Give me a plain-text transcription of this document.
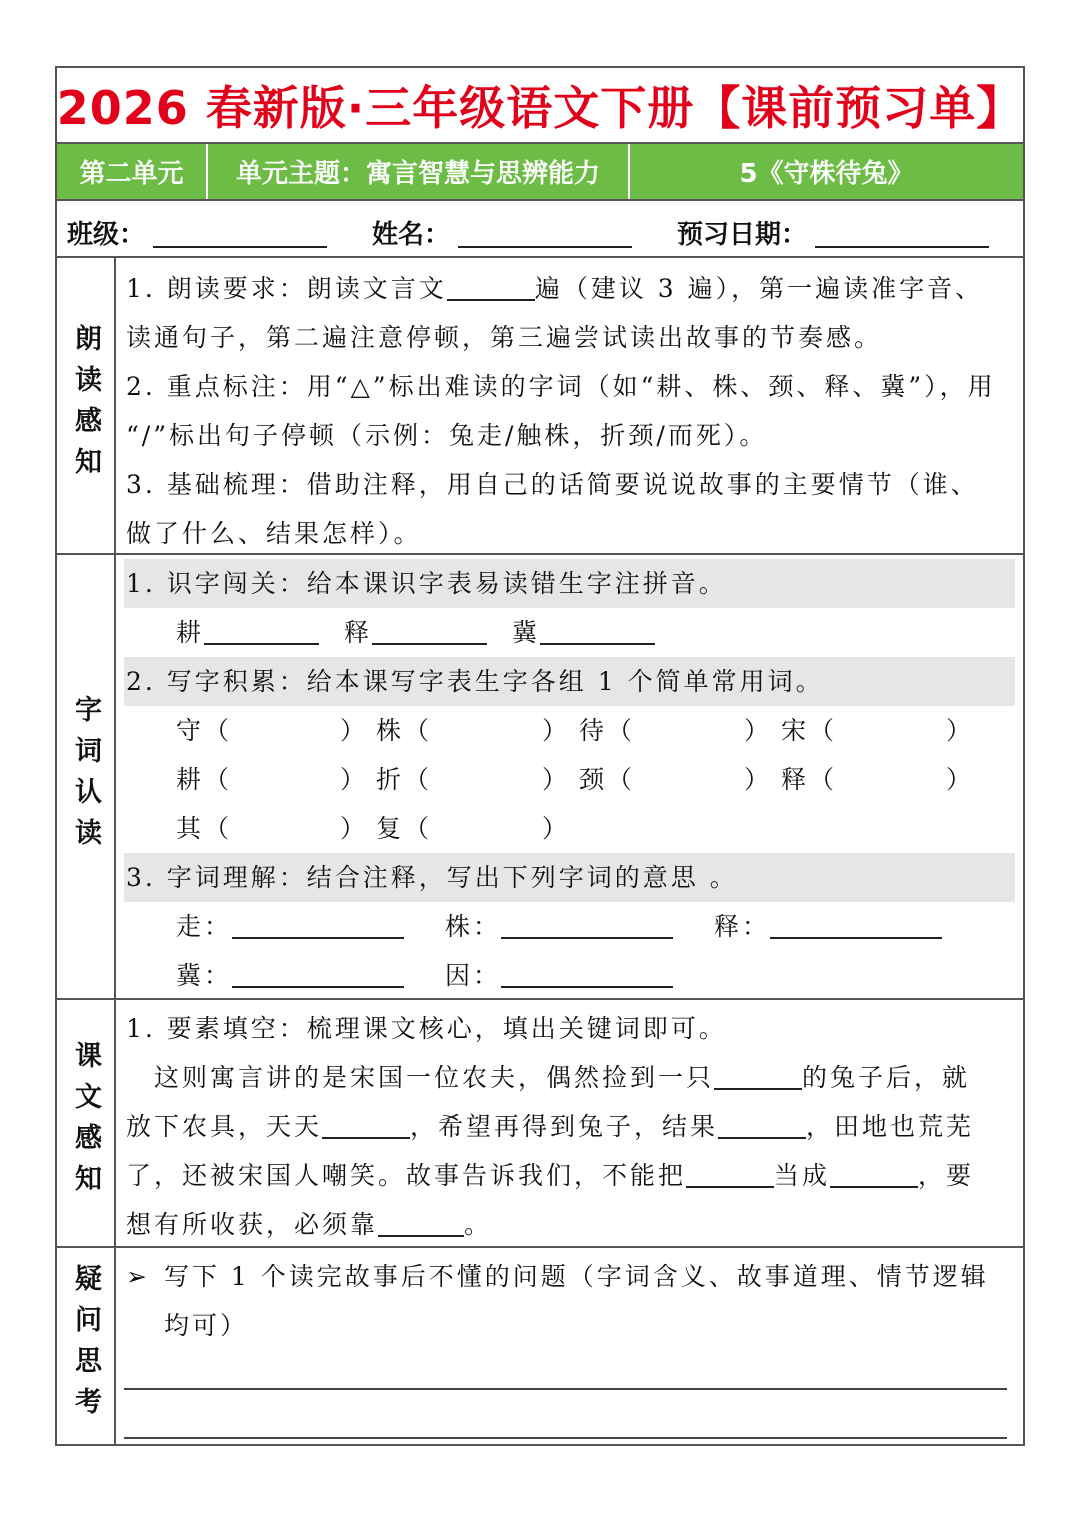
2026 春新版·三年级语文下册【课前预习单】
第二单元	单元主题：寓言智慧与思辨能力	5《守株待兔》
班级：	姓名：	预习日期：
朗读感知
1. 朗读要求：朗读文言文	遍（建议 3 遍），第一遍读准字音、
读通句子，第二遍注意停顿，第三遍尝试读出故事的节奏感。
2. 重点标注：用“△”标出难读的字词（如“耕、株、颈、释、冀”），用
“/”标出句子停顿（示例：兔走/触株，折颈/而死）。
3. 基础梳理：借助注释，用自己的话简要说说故事的主要情节（谁、
做了什么、结果怎样）。
字词认读
1. 识字闯关：给本课识字表易读错生字注拼音。
耕	释	冀
2. 写字积累：给本课写字表生字各组 1 个简单常用词。
守（	） 株（	） 待（	） 宋（	）
耕（	） 折（	） 颈（	） 释（	）
其（	） 复（	）
3. 字词理解：结合注释，写出下列字词的意思 。
走：	株：	释：
冀：	因：
课文感知
1. 要素填空：梳理课文核心，填出关键词即可。
这则寓言讲的是宋国一位农夫，偶然捡到一只	的兔子后，就
放下农具，天天	，希望再得到兔子，结果	，田地也荒芜
了，还被宋国人嘲笑。故事告诉我们，不能把	当成	，要
想有所收获，必须靠	。
疑问思考 ➢ 写下 1 个读完故事后不懂的问题（字词含义、故事道理、情节逻辑
均可）
